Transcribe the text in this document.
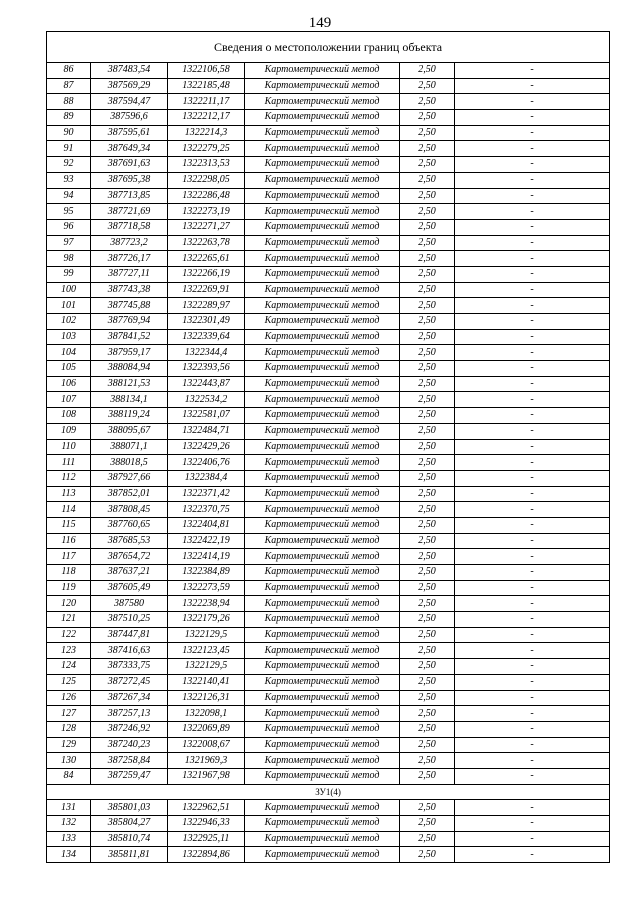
149
Сведения о местоположении границ объекта					
86	387483,54	1322106,58	Картометрический метод	2,50	-
87	387569,29	1322185,48	Картометрический метод	2,50	-
88	387594,47	1322211,17	Картометрический метод	2,50	-
89	387596,6	1322212,17	Картометрический метод	2,50	-
90	387595,61	1322214,3	Картометрический метод	2,50	-
91	387649,34	1322279,25	Картометрический метод	2,50	-
92	387691,63	1322313,53	Картометрический метод	2,50	-
93	387695,38	1322298,05	Картометрический метод	2,50	-
94	387713,85	1322286,48	Картометрический метод	2,50	-
95	387721,69	1322273,19	Картометрический метод	2,50	-
96	387718,58	1322271,27	Картометрический метод	2,50	-
97	387723,2	1322263,78	Картометрический метод	2,50	-
98	387726,17	1322265,61	Картометрический метод	2,50	-
99	387727,11	1322266,19	Картометрический метод	2,50	-
100	387743,38	1322269,91	Картометрический метод	2,50	-
101	387745,88	1322289,97	Картометрический метод	2,50	-
102	387769,94	1322301,49	Картометрический метод	2,50	-
103	387841,52	1322339,64	Картометрический метод	2,50	-
104	387959,17	1322344,4	Картометрический метод	2,50	-
105	388084,94	1322393,56	Картометрический метод	2,50	-
106	388121,53	1322443,87	Картометрический метод	2,50	-
107	388134,1	1322534,2	Картометрический метод	2,50	-
108	388119,24	1322581,07	Картометрический метод	2,50	-
109	388095,67	1322484,71	Картометрический метод	2,50	-
110	388071,1	1322429,26	Картометрический метод	2,50	-
111	388018,5	1322406,76	Картометрический метод	2,50	-
112	387927,66	1322384,4	Картометрический метод	2,50	-
113	387852,01	1322371,42	Картометрический метод	2,50	-
114	387808,45	1322370,75	Картометрический метод	2,50	-
115	387760,65	1322404,81	Картометрический метод	2,50	-
116	387685,53	1322422,19	Картометрический метод	2,50	-
117	387654,72	1322414,19	Картометрический метод	2,50	-
118	387637,21	1322384,89	Картометрический метод	2,50	-
119	387605,49	1322273,59	Картометрический метод	2,50	-
120	387580	1322238,94	Картометрический метод	2,50	-
121	387510,25	1322179,26	Картометрический метод	2,50	-
122	387447,81	1322129,5	Картометрический метод	2,50	-
123	387416,63	1322123,45	Картометрический метод	2,50	-
124	387333,75	1322129,5	Картометрический метод	2,50	-
125	387272,45	1322140,41	Картометрический метод	2,50	-
126	387267,34	1322126,31	Картометрический метод	2,50	-
127	387257,13	1322098,1	Картометрический метод	2,50	-
128	387246,92	1322069,89	Картометрический метод	2,50	-
129	387240,23	1322008,67	Картометрический метод	2,50	-
130	387258,84	1321969,3	Картометрический метод	2,50	-
84	387259,47	1321967,98	Картометрический метод	2,50	-
ЗУ1(4)					
131	385801,03	1322962,51	Картометрический метод	2,50	-
132	385804,27	1322946,33	Картометрический метод	2,50	-
133	385810,74	1322925,11	Картометрический метод	2,50	-
134	385811,81	1322894,86	Картометрический метод	2,50	-
